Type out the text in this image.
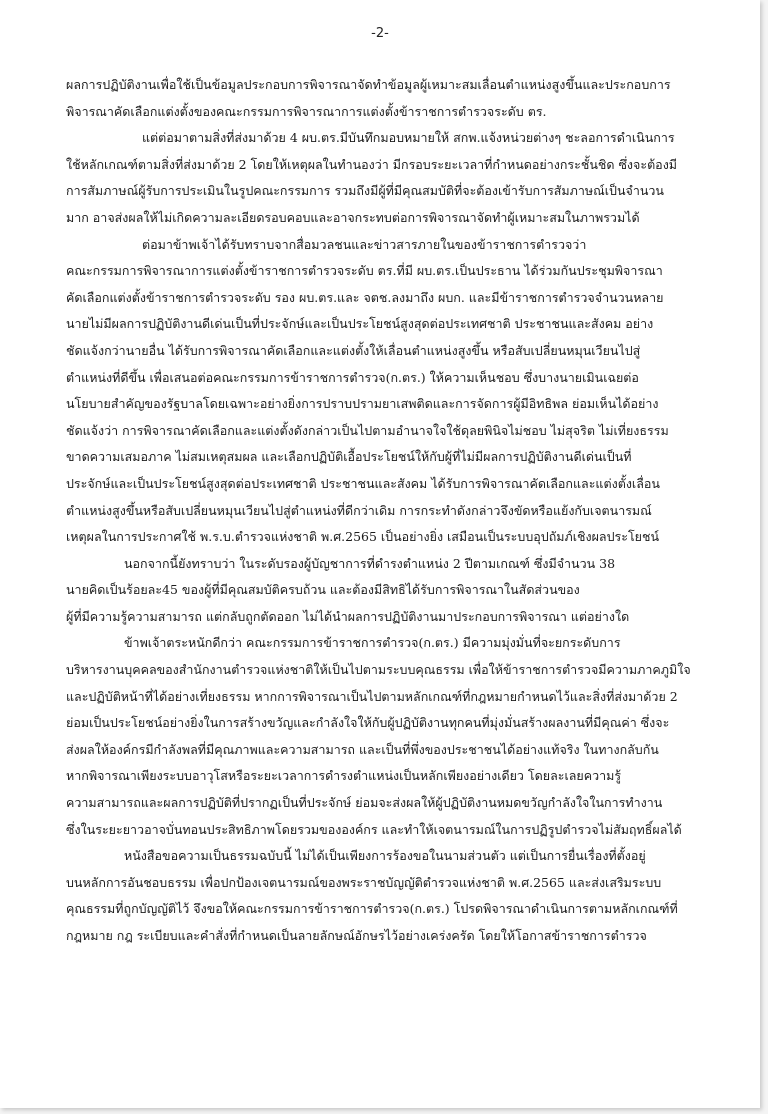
-2-
ผลการปฏิบัติงานเพื่อใช้เป็นข้อมูลประกอบการพิจารณาจัดทำข้อมูลผู้เหมาะสมเลื่อนตำแหน่งสูงขึ้นและประกอบการ
พิจารณาคัดเลือกแต่งตั้งของคณะกรรมการพิจารณาการแต่งตั้งข้าราชการตำรวจระดับ ตร.
แต่ต่อมาตามสิ่งที่ส่งมาด้วย 4 ผบ.ตร.มีบันทึกมอบหมายให้ สกพ.แจ้งหน่วยต่างๆ ชะลอการดำเนินการ
ใช้หลักเกณฑ์ตามสิ่งที่ส่งมาด้วย 2 โดยให้เหตุผลในทำนองว่า มีกรอบระยะเวลาที่กำหนดอย่างกระชั้นชิด ซึ่งจะต้องมี
การสัมภาษณ์ผู้รับการประเมินในรูปคณะกรรมการ รวมถึงมีผู้ที่มีคุณสมบัติที่จะต้องเข้ารับการสัมภาษณ์เป็นจำนวน
มาก อาจส่งผลให้ไม่เกิดความละเอียดรอบคอบและอาจกระทบต่อการพิจารณาจัดทำผู้เหมาะสมในภาพรวมได้
ต่อมาข้าพเจ้าได้รับทราบจากสื่อมวลชนและข่าวสารภายในของข้าราชการตำรวจว่า
คณะกรรมการพิจารณาการแต่งตั้งข้าราชการตำรวจระดับ ตร.ที่มี ผบ.ตร.เป็นประธาน ได้ร่วมกันประชุมพิจารณา
คัดเลือกแต่งตั้งข้าราชการตำรวจระดับ รอง ผบ.ตร.และ จตช.ลงมาถึง ผบก. และมีข้าราชการตำรวจจำนวนหลาย
นายไม่มีผลการปฏิบัติงานดีเด่นเป็นที่ประจักษ์และเป็นประโยชน์สูงสุดต่อประเทศชาติ ประชาชนและสังคม อย่าง
ชัดแจ้งกว่านายอื่น ได้รับการพิจารณาคัดเลือกและแต่งตั้งให้เลื่อนตำแหน่งสูงขึ้น หรือสับเปลี่ยนหมุนเวียนไปสู่
ตำแหน่งที่ดีขึ้น เพื่อเสนอต่อคณะกรรมการข้าราชการตำรวจ(ก.ตร.) ให้ความเห็นชอบ ซึ่งบางนายเมินเฉยต่อ
นโยบายสำคัญของรัฐบาลโดยเฉพาะอย่างยิ่งการปราบปรามยาเสพติดและการจัดการผู้มีอิทธิพล ย่อมเห็นได้อย่าง
ชัดแจ้งว่า การพิจารณาคัดเลือกและแต่งตั้งดังกล่าวเป็นไปตามอำนาจใจใช้ดุลยพินิจไม่ชอบ ไม่สุจริต ไม่เที่ยงธรรม
ขาดความเสมอภาค ไม่สมเหตุสมผล และเลือกปฏิบัติเอื้อประโยชน์ให้กับผู้ที่ไม่มีผลการปฏิบัติงานดีเด่นเป็นที่
ประจักษ์และเป็นประโยชน์สูงสุดต่อประเทศชาติ ประชาชนและสังคม ได้รับการพิจารณาคัดเลือกและแต่งตั้งเลื่อน
ตำแหน่งสูงขึ้นหรือสับเปลี่ยนหมุนเวียนไปสู่ตำแหน่งที่ดีกว่าเดิม การกระทำดังกล่าวจึงขัดหรือแย้งกับเจตนารมณ์
เหตุผลในการประกาศใช้ พ.ร.บ.ตำรวจแห่งชาติ พ.ศ.2565 เป็นอย่างยิ่ง เสมือนเป็นระบบอุปถัมภ์เชิงผลประโยชน์
นอกจากนี้ยังทราบว่า ในระดับรองผู้บัญชาการที่ดำรงตำแหน่ง 2 ปีตามเกณฑ์ ซึ่งมีจำนวน 38
นายคิดเป็นร้อยละ45 ของผู้ที่มีคุณสมบัติครบถ้วน และต้องมีสิทธิได้รับการพิจารณาในสัดส่วนของ
ผู้ที่มีความรู้ความสามารถ แต่กลับถูกตัดออก ไม่ได้นำผลการปฏิบัติงานมาประกอบการพิจารณา แต่อย่างใด
ข้าพเจ้าตระหนักดีกว่า คณะกรรมการข้าราชการตำรวจ(ก.ตร.) มีความมุ่งมั่นที่จะยกระดับการ
บริหารงานบุคคลของสำนักงานตำรวจแห่งชาติให้เป็นไปตามระบบคุณธรรม เพื่อให้ข้าราชการตำรวจมีความภาคภูมิใจ
และปฏิบัติหน้าที่ได้อย่างเที่ยงธรรม หากการพิจารณาเป็นไปตามหลักเกณฑ์ที่กฎหมายกำหนดไว้และสิ่งที่ส่งมาด้วย 2
ย่อมเป็นประโยชน์อย่างยิ่งในการสร้างขวัญและกำลังใจให้กับผู้ปฏิบัติงานทุกคนที่มุ่งมั่นสร้างผลงานที่มีคุณค่า ซึ่งจะ
ส่งผลให้องค์กรมีกำลังพลที่มีคุณภาพและความสามารถ และเป็นที่พึ่งของประชาชนได้อย่างแท้จริง ในทางกลับกัน
หากพิจารณาเพียงระบบอาวุโสหรือระยะเวลาการดำรงตำแหน่งเป็นหลักเพียงอย่างเดียว โดยละเลยความรู้
ความสามารถและผลการปฏิบัติที่ปรากฏเป็นที่ประจักษ์ ย่อมจะส่งผลให้ผู้ปฏิบัติงานหมดขวัญกำลังใจในการทำงาน
ซึ่งในระยะยาวอาจบั่นทอนประสิทธิภาพโดยรวมขององค์กร และทำให้เจตนารมณ์ในการปฏิรูปตำรวจไม่สัมฤทธิ์ผลได้
หนังสือขอความเป็นธรรมฉบับนี้ ไม่ได้เป็นเพียงการร้องขอในนามส่วนตัว แต่เป็นการยื่นเรื่องที่ตั้งอยู่
บนหลักการอันชอบธรรม เพื่อปกป้องเจตนารมณ์ของพระราชบัญญัติตำรวจแห่งชาติ พ.ศ.2565 และส่งเสริมระบบ
คุณธรรมที่ถูกบัญญัติไว้ จึงขอให้คณะกรรมการข้าราชการตำรวจ(ก.ตร.) โปรดพิจารณาดำเนินการตามหลักเกณฑ์ที่
กฎหมาย กฎ ระเบียบและคำสั่งที่กำหนดเป็นลายลักษณ์อักษรไว้อย่างเคร่งครัด โดยให้โอกาสข้าราชการตำรวจ
